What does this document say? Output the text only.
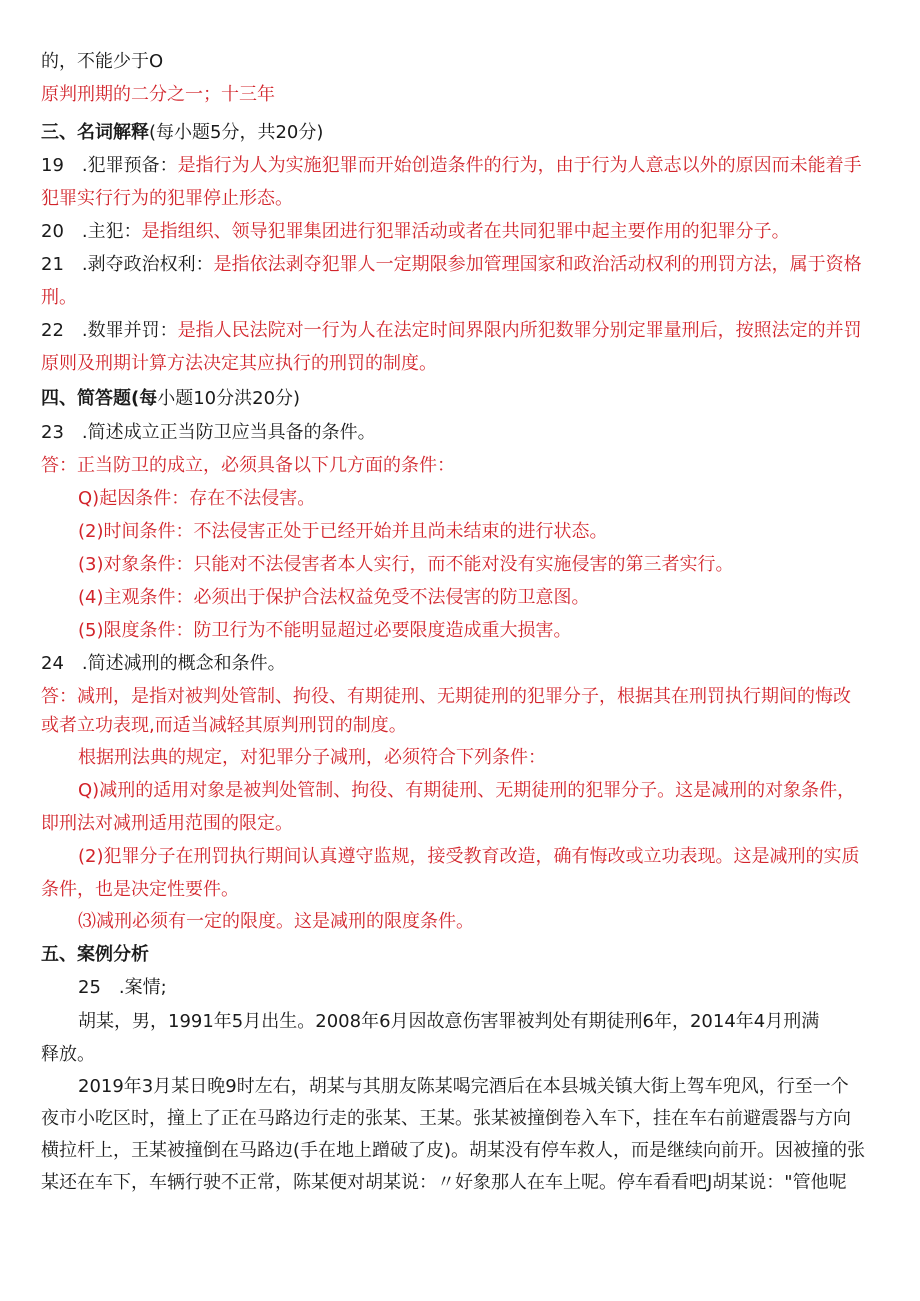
的，不能少于O
原判刑期的二分之一；十三年
三、名词解释(每小题5分，共20分)
19　.犯罪预备：是指行为人为实施犯罪而开始创造条件的行为，由于行为人意志以外的原因而未能着手
犯罪实行行为的犯罪停止形态。
20　.主犯：是指组织、领导犯罪集团进行犯罪活动或者在共同犯罪中起主要作用的犯罪分子。
21　.剥夺政治权利：是指依法剥夺犯罪人一定期限参加管理国家和政治活动权利的刑罚方法，属于资格
刑。
22　.数罪并罚：是指人民法院对一行为人在法定时间界限内所犯数罪分别定罪量刑后，按照法定的并罚
原则及刑期计算方法决定其应执行的刑罚的制度。
四、简答题(每小题10分洪20分)
23　.简述成立正当防卫应当具备的条件。
答：正当防卫的成立，必须具备以下几方面的条件：
Q)起因条件：存在不法侵害。
(2)时间条件：不法侵害正处于已经开始并且尚未结束的进行状态。
(3)对象条件：只能对不法侵害者本人实行，而不能对没有实施侵害的第三者实行。
(4)主观条件：必须出于保护合法权益免受不法侵害的防卫意图。
(5)限度条件：防卫行为不能明显超过必要限度造成重大损害。
24　.简述减刑的概念和条件。
答：减刑，是指对被判处管制、拘役、有期徒刑、无期徒刑的犯罪分子，根据其在刑罚执行期间的悔改
或者立功表现,而适当减轻其原判刑罚的制度。
根据刑法典的规定，对犯罪分子减刑，必须符合下列条件：
Q)减刑的适用对象是被判处管制、拘役、有期徒刑、无期徒刑的犯罪分子。这是减刑的对象条件，
即刑法对减刑适用范围的限定。
(2)犯罪分子在刑罚执行期间认真遵守监规，接受教育改造，确有悔改或立功表现。这是减刑的实质
条件，也是决定性要件。
⑶减刑必须有一定的限度。这是减刑的限度条件。
五、案例分析
25　.案情;
胡某，男，1991年5月出生。2008年6月因故意伤害罪被判处有期徒刑6年，2014年4月刑满
释放。
2019年3月某日晚9时左右，胡某与其朋友陈某喝完酒后在本县城关镇大街上驾车兜风，行至一个
夜市小吃区时，撞上了正在马路边行走的张某、王某。张某被撞倒卷入车下，挂在车右前避震器与方向
横拉杆上，王某被撞倒在马路边(手在地上蹭破了皮)。胡某没有停车救人，而是继续向前开。因被撞的张
某还在车下，车辆行驶不正常，陈某便对胡某说：〃好象那人在车上呢。停车看看吧J胡某说："管他呢
